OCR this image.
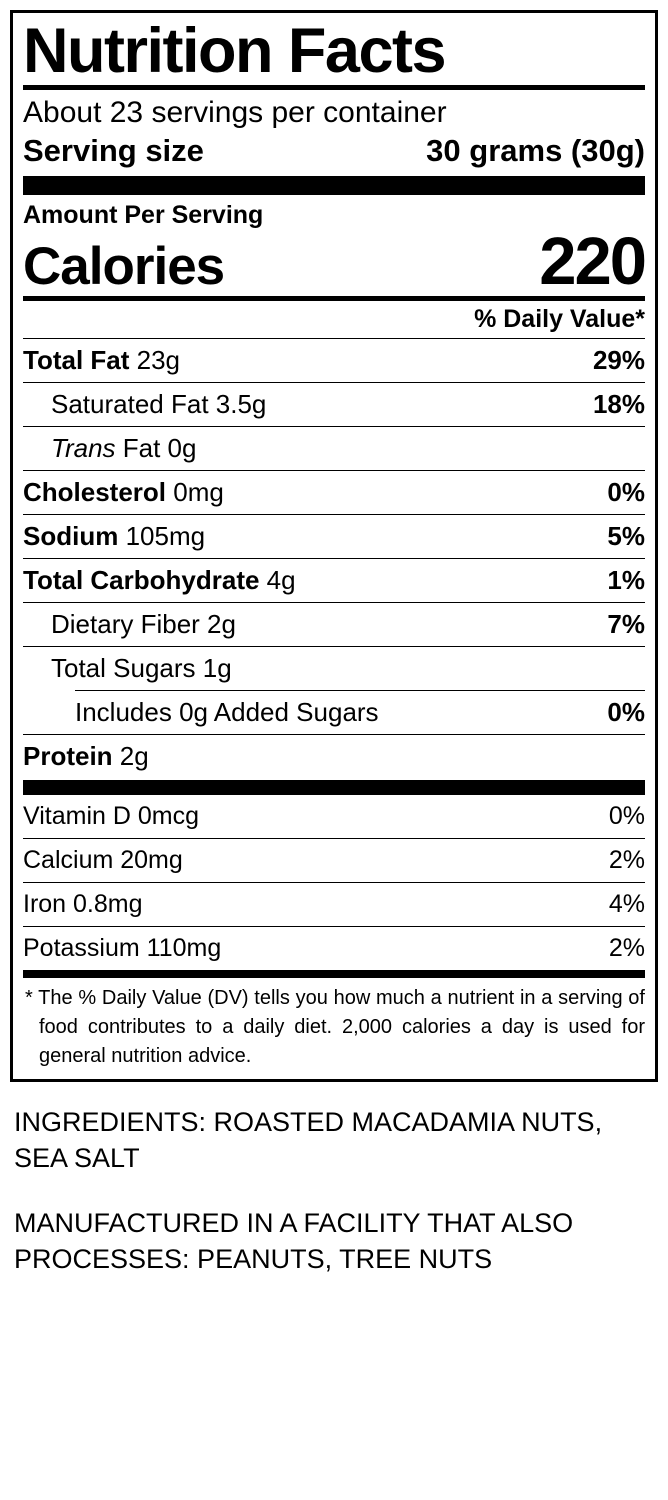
Nutrition Facts
About 23 servings per container
Serving size	30 grams (30g)
Amount Per Serving
Calories	220
% Daily Value*
Total Fat 23g	29%
Saturated Fat 3.5g	18%
Trans Fat 0g
Cholesterol 0mg	0%
Sodium 105mg	5%
Total Carbohydrate 4g	1%
Dietary Fiber 2g	7%
Total Sugars 1g
Includes 0g Added Sugars	0%
Protein 2g
Vitamin D 0mcg	0%
Calcium 20mg	2%
Iron 0.8mg	4%
Potassium 110mg	2%
* The % Daily Value (DV) tells you how much a nutrient in a serving of food contributes to a daily diet. 2,000 calories a day is used for general nutrition advice.

INGREDIENTS: ROASTED MACADAMIA NUTS, SEA SALT

MANUFACTURED IN A FACILITY THAT ALSO PROCESSES: PEANUTS, TREE NUTS
